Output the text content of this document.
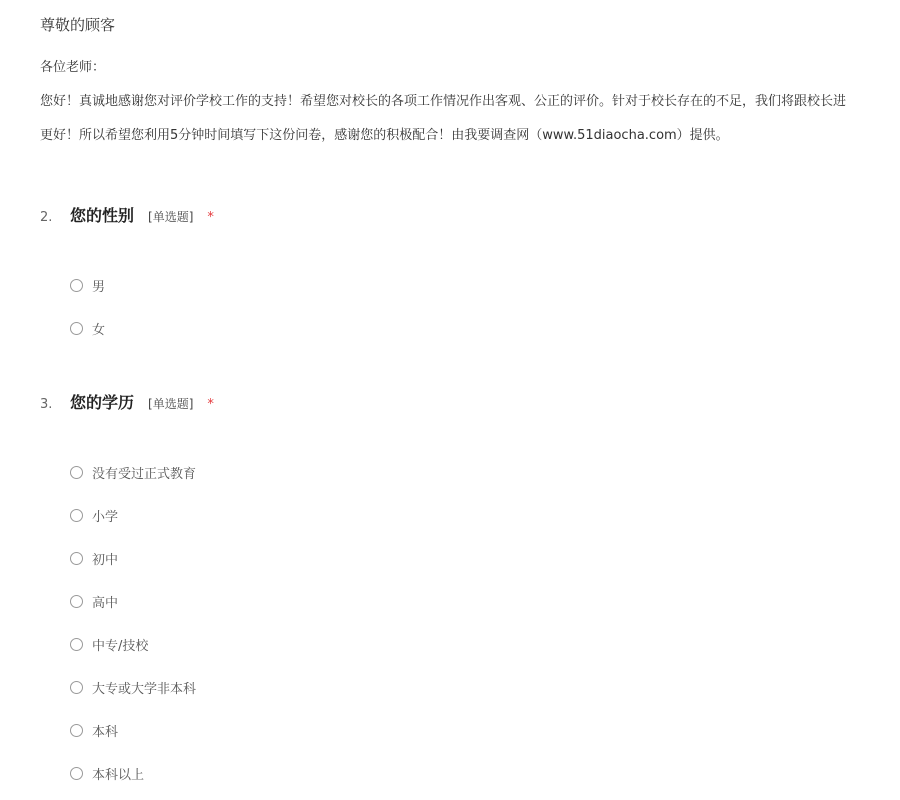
尊敬的顾客
各位老师：
您好！真诚地感谢您对评价学校工作的支持！希望您对校长的各项工作情况作出客观、公正的评价。针对于校长存在的不足，我们将跟校长进
更好！所以希望您利用5分钟时间填写下这份问卷，感谢您的积极配合！由我要调查网（www.51diaocha.com）提供。
2.	您的性别 [单选题] *
男
女
3.	您的学历 [单选题] *
没有受过正式教育
小学
初中
高中
中专/技校
大专或大学非本科
本科
本科以上
